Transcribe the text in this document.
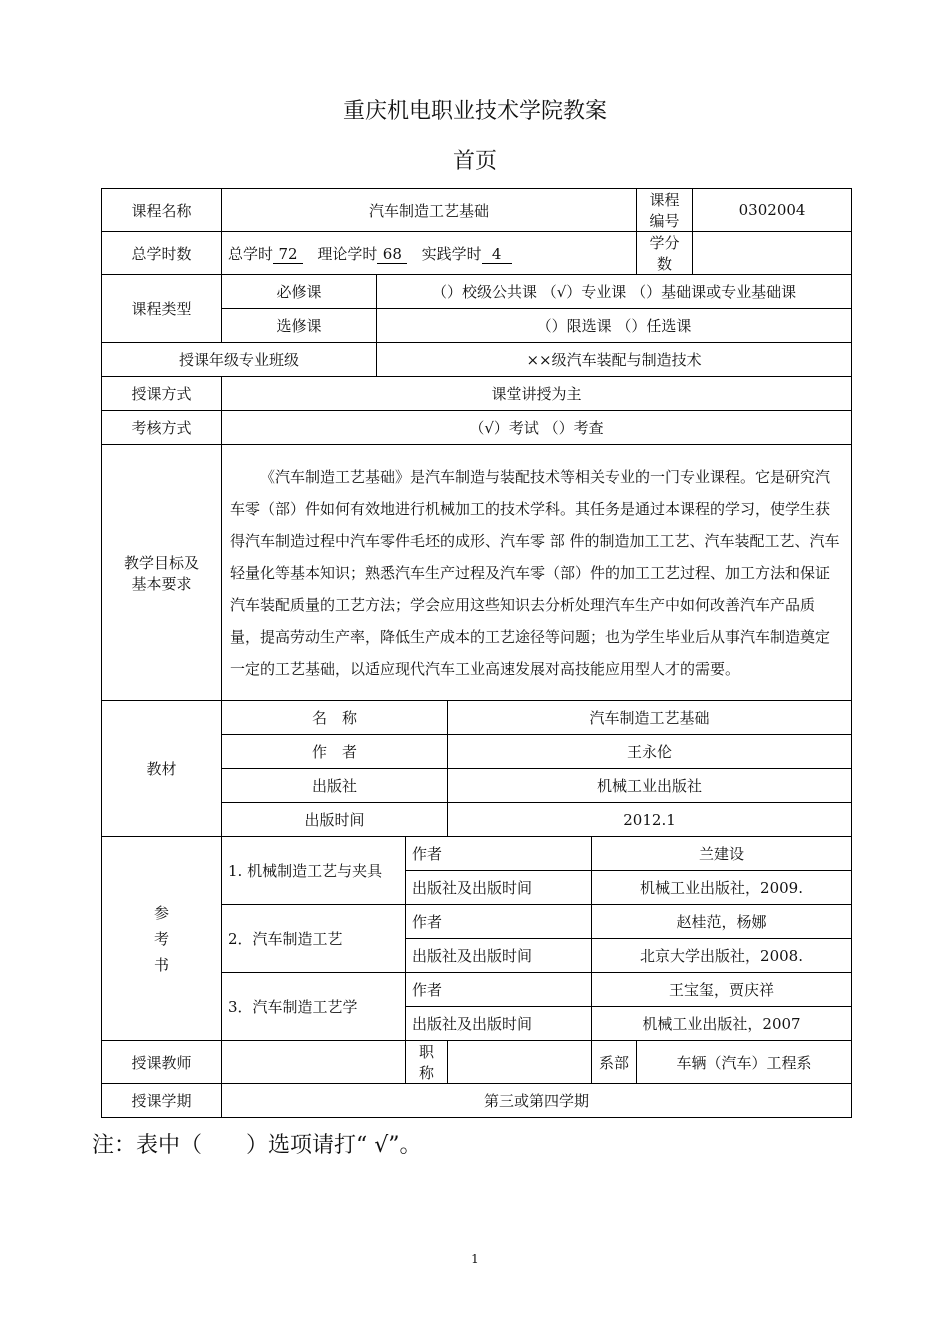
重庆机电职业技术学院教案
首页
课程名称	汽车制造工艺基础					课程编号	0302004
总学时数	总学时 72 理论学时 68 实践学时 4					学分数	
课程类型	必修课	（）校级公共课 （√）专业课 （）基础课或专业基础课					
	选修课	（）限选课 （）任选课					
授课年级专业班级		××级汽车装配与制造技术					
授课方式	课堂讲授为主						
考核方式	（√）考试 （）考查						

教学目标及
基本要求	《汽车制造工艺基础》是汽车制造与装配技术等相关专业的一门专业课程。它是研究汽车零（部）件如何有效地进行机械加工的技术学科。其任务是通过本课程的学习，使学生获得汽车制造过程中汽车零件毛坯的成形、汽车零 部 件的制造加工工艺、汽车装配工艺、汽车轻量化等基本知识；熟悉汽车生产过程及汽车零（部）件的加工工艺过程、加工方法和保证汽车装配质量的工艺方法；学会应用这些知识去分析处理汽车生产中如何改善汽车产品质量，提高劳动生产率，降低生产成本的工艺途径等问题；也为学生毕业后从事汽车制造奠定一定的工艺基础，以适应现代汽车工业高速发展对高技能应用型人才的需要。						

教材	名　称			汽车制造工艺基础			
	作　者			王永伦			
	出版社			机械工业出版社			
	出版时间			2012.1			

参
考
书	1. 机械制造工艺与夹具		作者		兰建设		
			出版社及出版时间		机械工业出版社，2009.		
	2．汽车制造工艺		作者		赵桂范，杨娜		
			出版社及出版时间		北京大学出版社，2008.		
	3．汽车制造工艺学		作者		王宝玺，贾庆祥		
			出版社及出版时间		机械工业出版社，2007		
授课教师			职称		系部	车辆（汽车）工程系	
授课学期	第三或第四学期						
注：表中（　　）选项请打“ √”。
1
